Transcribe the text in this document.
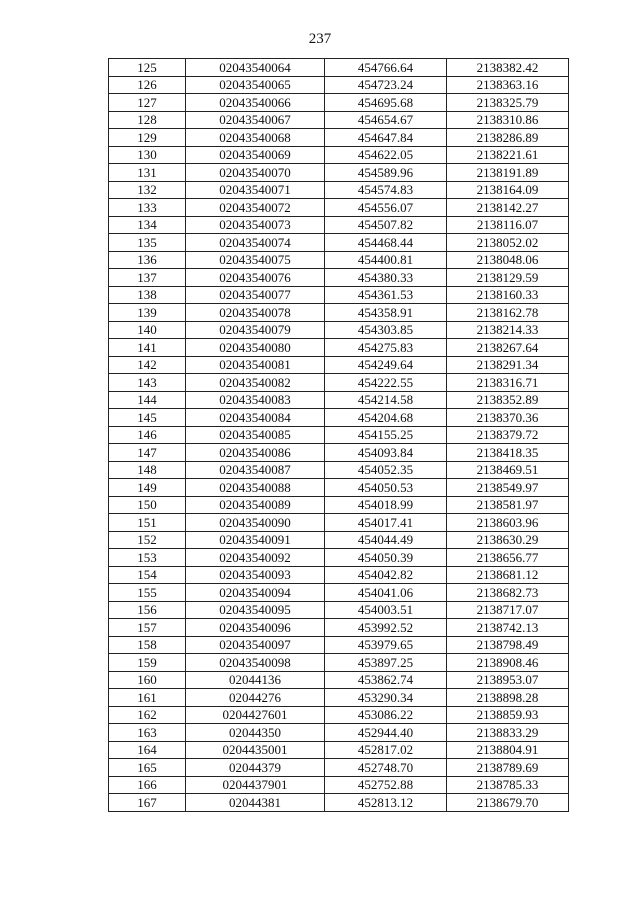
237
125	02043540064	454766.64	2138382.42
126	02043540065	454723.24	2138363.16
127	02043540066	454695.68	2138325.79
128	02043540067	454654.67	2138310.86
129	02043540068	454647.84	2138286.89
130	02043540069	454622.05	2138221.61
131	02043540070	454589.96	2138191.89
132	02043540071	454574.83	2138164.09
133	02043540072	454556.07	2138142.27
134	02043540073	454507.82	2138116.07
135	02043540074	454468.44	2138052.02
136	02043540075	454400.81	2138048.06
137	02043540076	454380.33	2138129.59
138	02043540077	454361.53	2138160.33
139	02043540078	454358.91	2138162.78
140	02043540079	454303.85	2138214.33
141	02043540080	454275.83	2138267.64
142	02043540081	454249.64	2138291.34
143	02043540082	454222.55	2138316.71
144	02043540083	454214.58	2138352.89
145	02043540084	454204.68	2138370.36
146	02043540085	454155.25	2138379.72
147	02043540086	454093.84	2138418.35
148	02043540087	454052.35	2138469.51
149	02043540088	454050.53	2138549.97
150	02043540089	454018.99	2138581.97
151	02043540090	454017.41	2138603.96
152	02043540091	454044.49	2138630.29
153	02043540092	454050.39	2138656.77
154	02043540093	454042.82	2138681.12
155	02043540094	454041.06	2138682.73
156	02043540095	454003.51	2138717.07
157	02043540096	453992.52	2138742.13
158	02043540097	453979.65	2138798.49
159	02043540098	453897.25	2138908.46
160	02044136	453862.74	2138953.07
161	02044276	453290.34	2138898.28
162	0204427601	453086.22	2138859.93
163	02044350	452944.40	2138833.29
164	0204435001	452817.02	2138804.91
165	02044379	452748.70	2138789.69
166	0204437901	452752.88	2138785.33
167	02044381	452813.12	2138679.70
